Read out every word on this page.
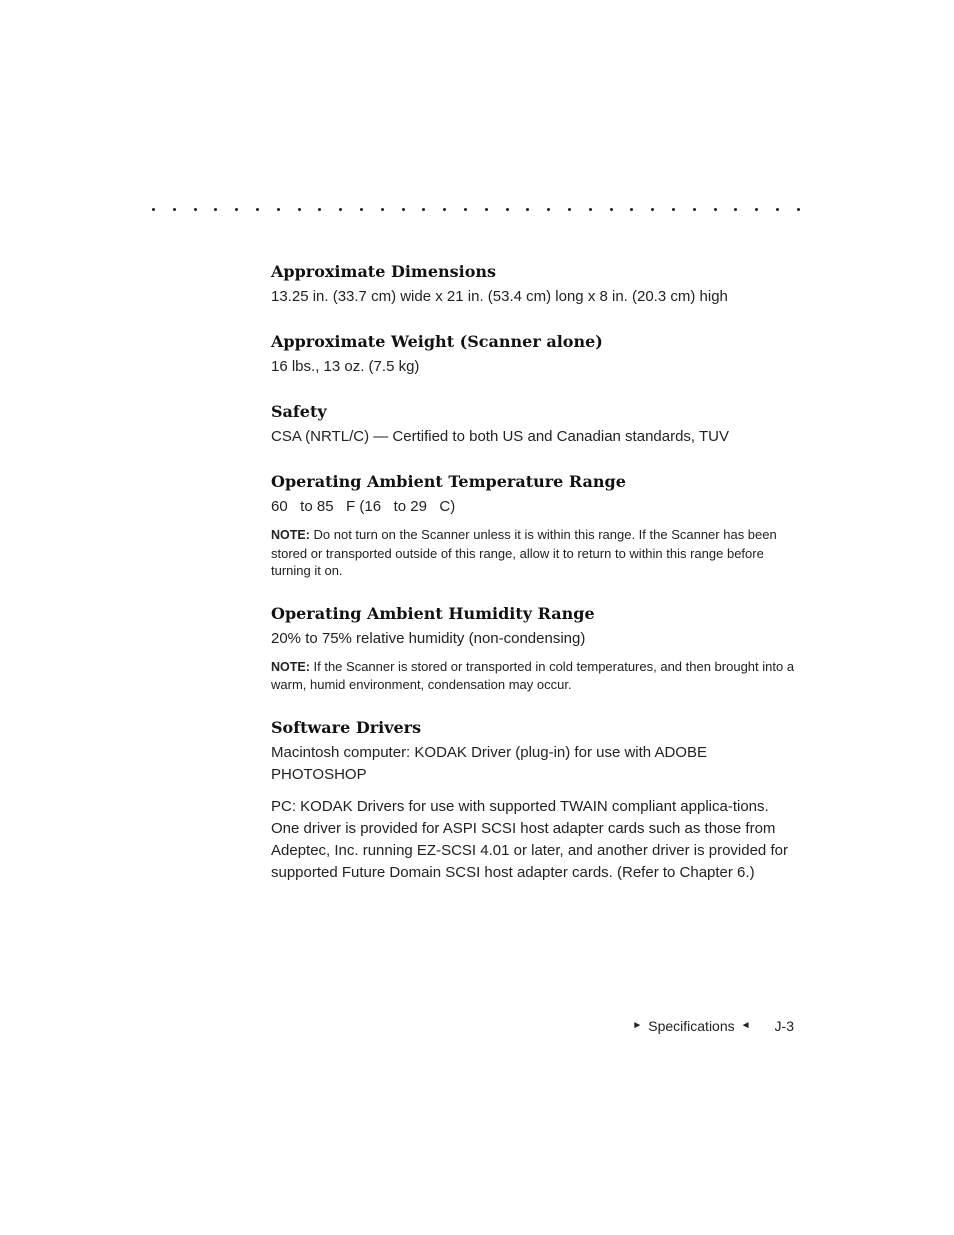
Approximate Dimensions

13.25 in. (33.7 cm) wide x 21 in. (53.4 cm) long x 8 in. (20.3 cm) high

Approximate Weight (Scanner alone)

16 lbs., 13 oz. (7.5 kg)

Safety

CSA (NRTL/C) — Certified to both US and Canadian standards, TUV

Operating Ambient Temperature Range

60   to 85   F (16   to 29   C)

NOTE: Do not turn on the Scanner unless it is within this range. If the Scanner has been stored or transported outside of this range, allow it to return to within this range before turning it on.

Operating Ambient Humidity Range

20% to 75% relative humidity (non-condensing)

NOTE: If the Scanner is stored or transported in cold temperatures, and then brought into a warm, humid environment, condensation may occur.

Software Drivers

Macintosh computer: KODAK Driver (plug-in) for use with ADOBE PHOTOSHOP

PC: KODAK Drivers for use with supported TWAIN compliant applica-tions. One driver is provided for ASPI SCSI host adapter cards such as those from Adeptec, Inc. running EZ-SCSI 4.01 or later, and another driver is provided for supported Future Domain SCSI host adapter cards. (Refer to Chapter 6.)

► Specifications ◄ J-3
